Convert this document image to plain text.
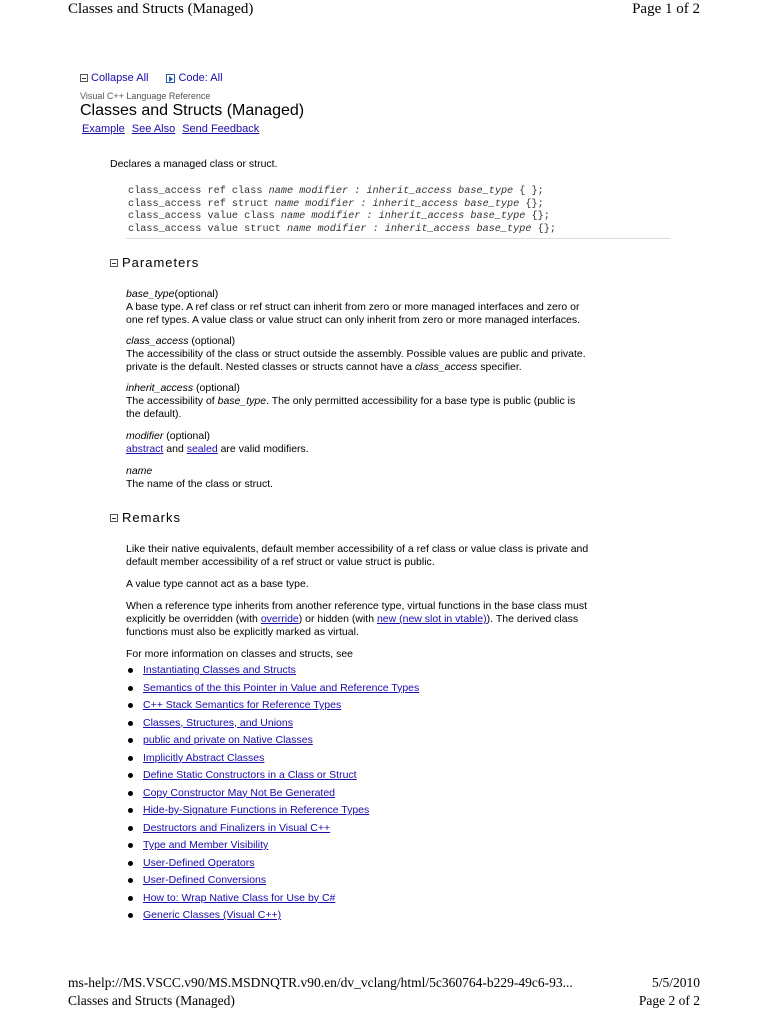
Classes and Structs (Managed)	Page 1 of 2
Collapse All	Code: All
Visual C++ Language Reference
Classes and Structs (Managed)
Example See Also Send Feedback
Declares a managed class or struct.
class_access ref class name modifier : inherit_access base_type { };
class_access ref struct name modifier : inherit_access base_type {};
class_access value class name modifier : inherit_access base_type {};
class_access value struct name modifier : inherit_access base_type {};
Parameters
base_type(optional)
A base type. A ref class or ref struct can inherit from zero or more managed interfaces and zero or
one ref types. A value class or value struct can only inherit from zero or more managed interfaces.
class_access (optional)
The accessibility of the class or struct outside the assembly. Possible values are public and private.
private is the default. Nested classes or structs cannot have a class_access specifier.
inherit_access (optional)
The accessibility of base_type. The only permitted accessibility for a base type is public (public is
the default).
modifier (optional)
abstract and sealed are valid modifiers.
name
The name of the class or struct.
Remarks
Like their native equivalents, default member accessibility of a ref class or value class is private and
default member accessibility of a ref struct or value struct is public.
A value type cannot act as a base type.
When a reference type inherits from another reference type, virtual functions in the base class must
explicitly be overridden (with override) or hidden (with new (new slot in vtable)). The derived class
functions must also be explicitly marked as virtual.
For more information on classes and structs, see
Instantiating Classes and Structs
Semantics of the this Pointer in Value and Reference Types
C++ Stack Semantics for Reference Types
Classes, Structures, and Unions
public and private on Native Classes
Implicitly Abstract Classes
Define Static Constructors in a Class or Struct
Copy Constructor May Not Be Generated
Hide-by-Signature Functions in Reference Types
Destructors and Finalizers in Visual C++
Type and Member Visibility
User-Defined Operators
User-Defined Conversions
How to: Wrap Native Class for Use by C#
Generic Classes (Visual C++)
ms-help://MS.VSCC.v90/MS.MSDNQTR.v90.en/dv_vclang/html/5c360764-b229-49c6-93...	5/5/2010
Classes and Structs (Managed)	Page 2 of 2
